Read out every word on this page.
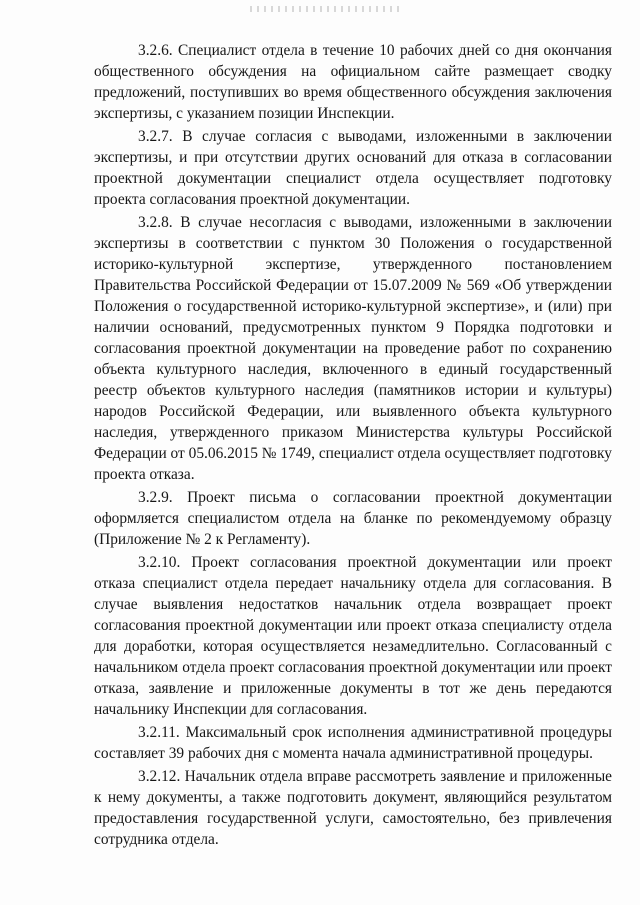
3.2.6. Специалист отдела в течение 10 рабочих дней со дня окончания общественного обсуждения на официальном сайте размещает сводку предложений, поступивших во время общественного обсуждения заключения экспертизы, с указанием позиции Инспекции.

3.2.7. В случае согласия с выводами, изложенными в заключении экспертизы, и при отсутствии других оснований для отказа в согласовании проектной документации специалист отдела осуществляет подготовку проекта согласования проектной документации.

3.2.8. В случае несогласия с выводами, изложенными в заключении экспертизы в соответствии с пунктом 30 Положения о государственной историко-культурной экспертизе, утвержденного постановлением Правительства Российской Федерации от 15.07.2009 № 569 «Об утверждении Положения о государственной историко-культурной экспертизе», и (или) при наличии оснований, предусмотренных пунктом 9 Порядка подготовки и согласования проектной документации на проведение работ по сохранению объекта культурного наследия, включенного в единый государственный реестр объектов культурного наследия (памятников истории и культуры) народов Российской Федерации, или выявленного объекта культурного наследия, утвержденного приказом Министерства культуры Российской Федерации от 05.06.2015 № 1749, специалист отдела осуществляет подготовку проекта отказа.

3.2.9. Проект письма о согласовании проектной документации оформляется специалистом отдела на бланке по рекомендуемому образцу (Приложение № 2 к Регламенту).

3.2.10. Проект согласования проектной документации или проект отказа специалист отдела передает начальнику отдела для согласования. В случае выявления недостатков начальник отдела возвращает проект согласования проектной документации или проект отказа специалисту отдела для доработки, которая осуществляется незамедлительно. Согласованный с начальником отдела проект согласования проектной документации или проект отказа, заявление и приложенные документы в тот же день передаются начальнику Инспекции для согласования.

3.2.11. Максимальный срок исполнения административной процедуры составляет 39 рабочих дня с момента начала административной процедуры.

3.2.12. Начальник отдела вправе рассмотреть заявление и приложенные к нему документы, а также подготовить документ, являющийся результатом предоставления государственной услуги, самостоятельно, без привлечения сотрудника отдела.
